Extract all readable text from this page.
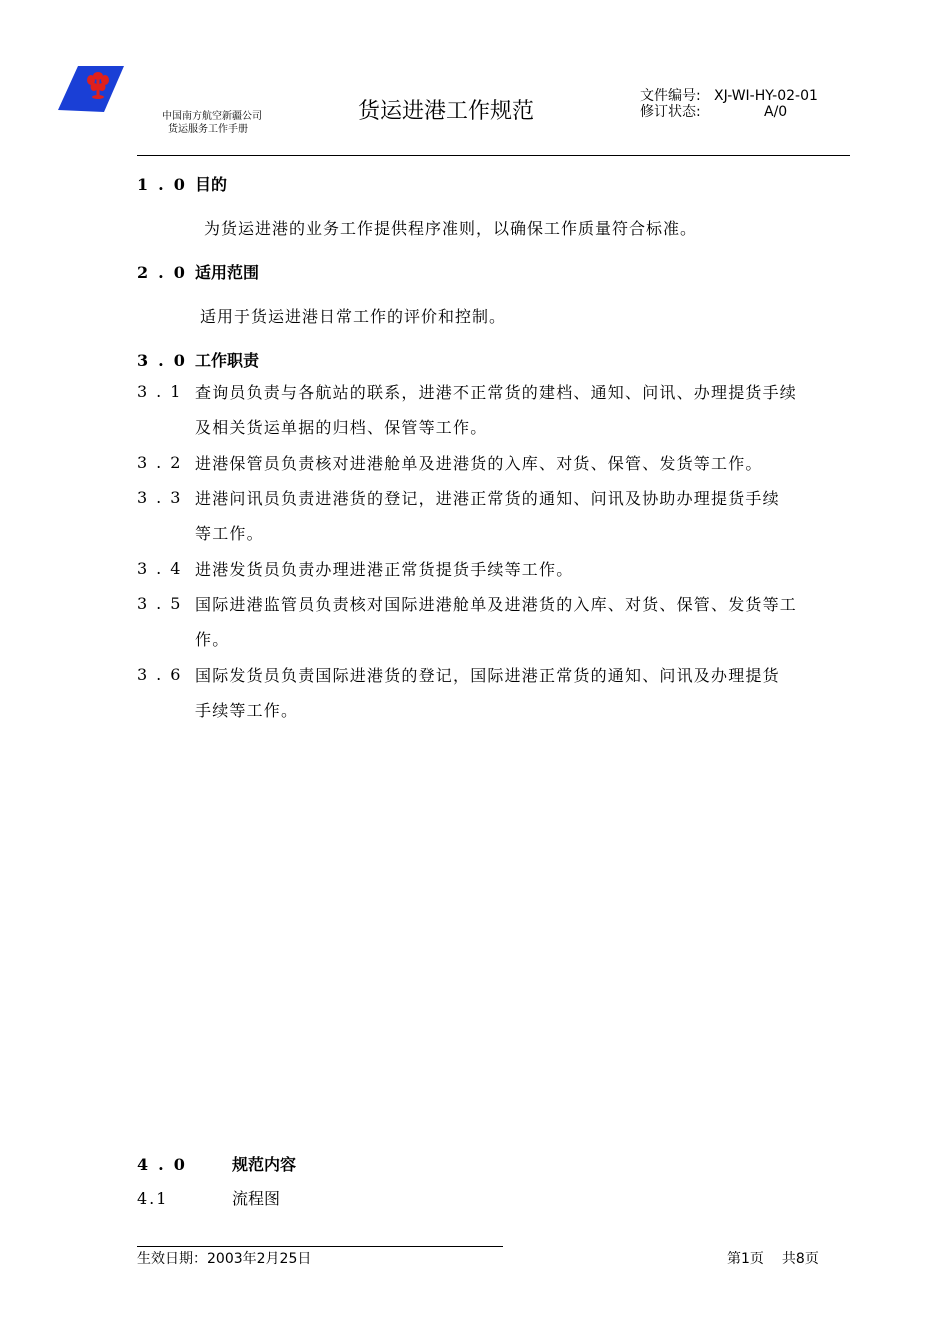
中国南方航空新疆公司
货运服务工作手册
货运进港工作规范
文件编号: XJ-WI-HY-02-01
修订状态:	A/0
1.0目的
为货运进港的业务工作提供程序准则，以确保工作质量符合标准。
2.0适用范围
适用于货运进港日常工作的评价和控制。
3.0工作职责
3.1 查询员负责与各航站的联系，进港不正常货的建档、通知、问讯、办理提货手续
及相关货运单据的归档、保管等工作。
3.2 进港保管员负责核对进港舱单及进港货的入库、对货、保管、发货等工作。
3.3 进港问讯员负责进港货的登记，进港正常货的通知、问讯及协助办理提货手续
等工作。
3.4 进港发货员负责办理进港正常货提货手续等工作。
3.5 国际进港监管员负责核对国际进港舱单及进港货的入库、对货、保管、发货等工
作。
3.6 国际发货员负责国际进港货的登记，国际进港正常货的通知、问讯及办理提货
手续等工作。
4.0 规范内容
4.1	流程图
生效日期：2003年2月25日	第1页 共8页
